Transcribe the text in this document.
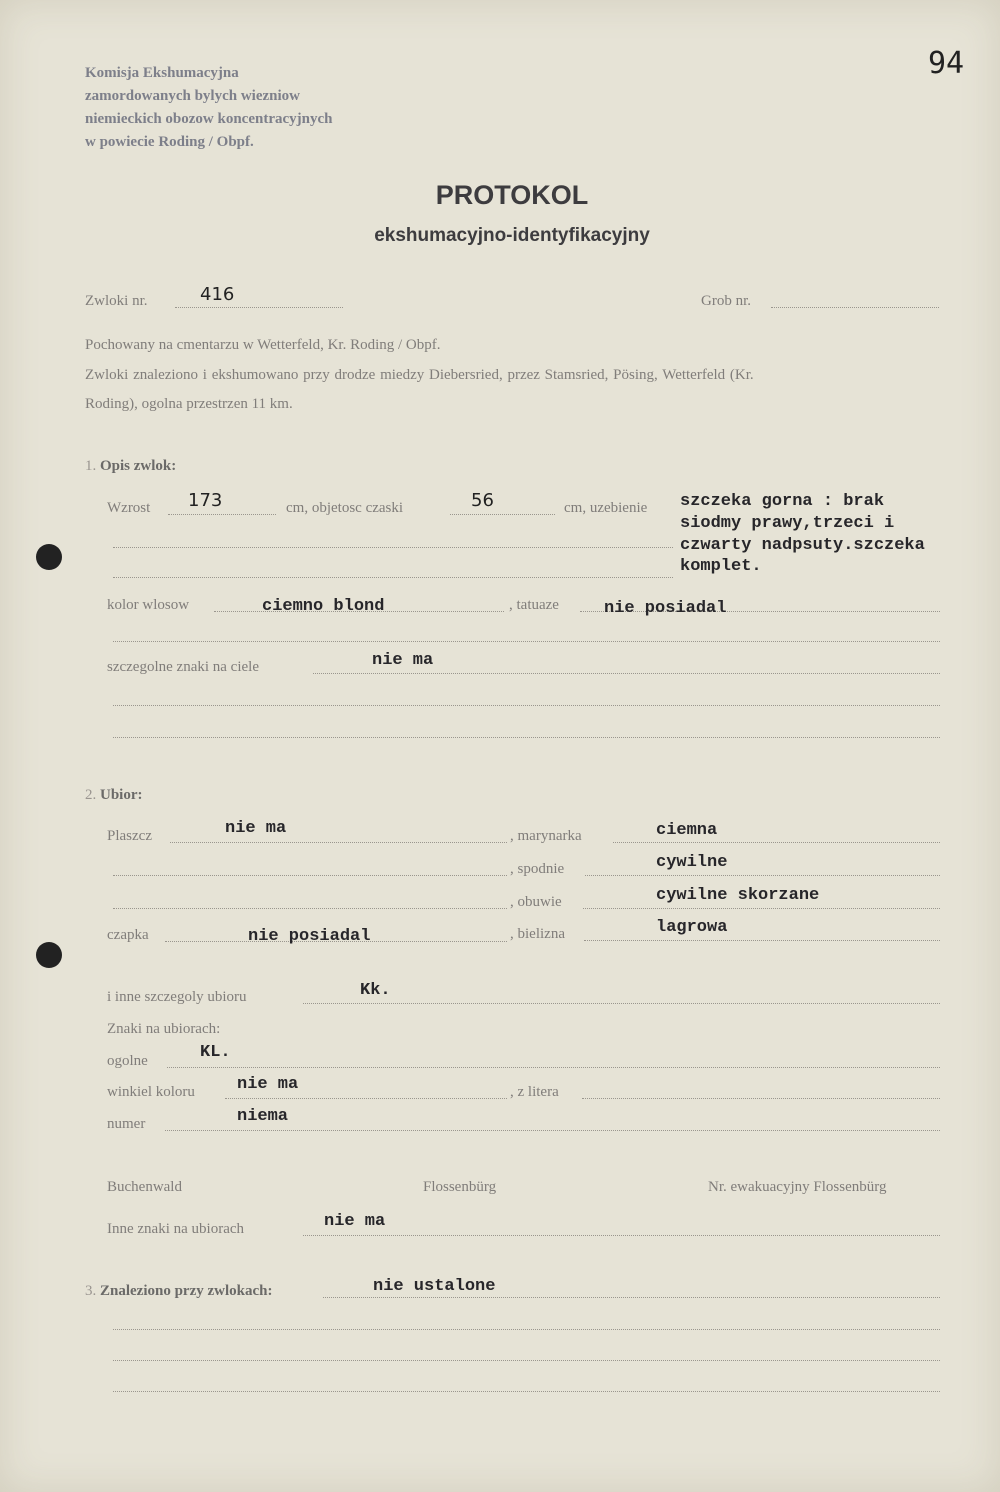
94
Komisja Ekshumacyjna
zamordowanych bylych wiezniow
niemieckich obozow koncentracyjnych
w powiecie Roding / Obpf.
PROTOKOL
ekshumacyjno-identyfikacyjny
Zwloki nr.	416	Grob nr.
Pochowany na cmentarzu w Wetterfeld, Kr. Roding / Obpf.
Zwloki znaleziono i ekshumowano przy drodze miedzy Diebersried, przez Stamsried, Pösing, Wetterfeld (Kr.
Roding), ogolna przestrzen 11 km.
1. Opis zwlok:
Wzrost 173	cm, objetosc czaski	56	cm, uzebienie szczeka gorna : brak
siodmy prawy,trzeci i
czwarty nadpsuty.szczeka
komplet.
kolor wlosow	ciemno blond	, tatuaze	nie posiadal
szczegolne znaki na ciele	nie ma
2. Ubior:
Plaszcz	nie ma	, marynarka	ciemna
, spodnie	cywilne
, obuwie	cywilne skorzane
czapka	nie posiadal	, bielizna	lagrowa
i inne szczegoly ubioru	Kk.
Znaki na ubiorach:
ogolne	KL.
winkiel koloru nie ma	, z litera
numer	niema
Buchenwald	Flossenbürg	Nr. ewakuacyjny Flossenbürg
Inne znaki na ubiorach	nie ma
3. Znaleziono przy zwlokach:	nie ustalone
